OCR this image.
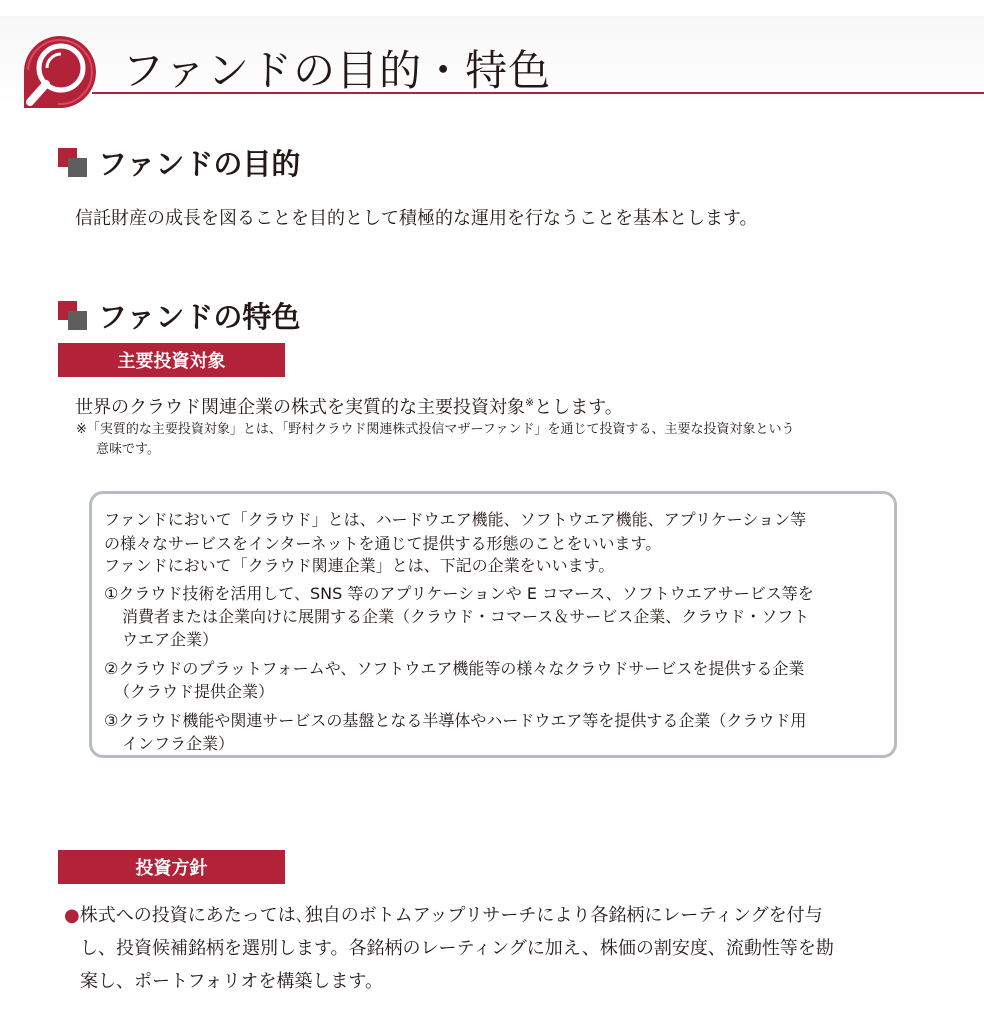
ファンドの目的・特色
ファンドの目的
信託財産の成長を図ることを目的として積極的な運用を行なうことを基本とします。
ファンドの特色
主要投資対象
世界のクラウド関連企業の株式を実質的な主要投資対象※とします。
※「実質的な主要投資対象」とは、「野村クラウド関連株式投信マザーファンド」を通じて投資する、主要な投資対象という
意味です。
ファンドにおいて「クラウド」とは、ハードウエア機能、ソフトウエア機能、アプリケーション等
の様々なサービスをインターネットを通じて提供する形態のことをいいます。
ファンドにおいて「クラウド関連企業」とは、下記の企業をいいます。
①クラウド技術を活用して、SNS 等のアプリケーションや E コマース、ソフトウエアサービス等を
消費者または企業向けに展開する企業（クラウド・コマース＆サービス企業、クラウド・ソフト
ウエア企業）
②クラウドのプラットフォームや、ソフトウエア機能等の様々なクラウドサービスを提供する企業
（クラウド提供企業）
③クラウド機能や関連サービスの基盤となる半導体やハードウエア等を提供する企業（クラウド用
インフラ企業）
投資方針
●株式への投資にあたっては､独自のボトムアップリサーチにより各銘柄にレーティングを付与
し、投資候補銘柄を選別します。各銘柄のレーティングに加え、株価の割安度、流動性等を勘
案し、ポートフォリオを構築します。
